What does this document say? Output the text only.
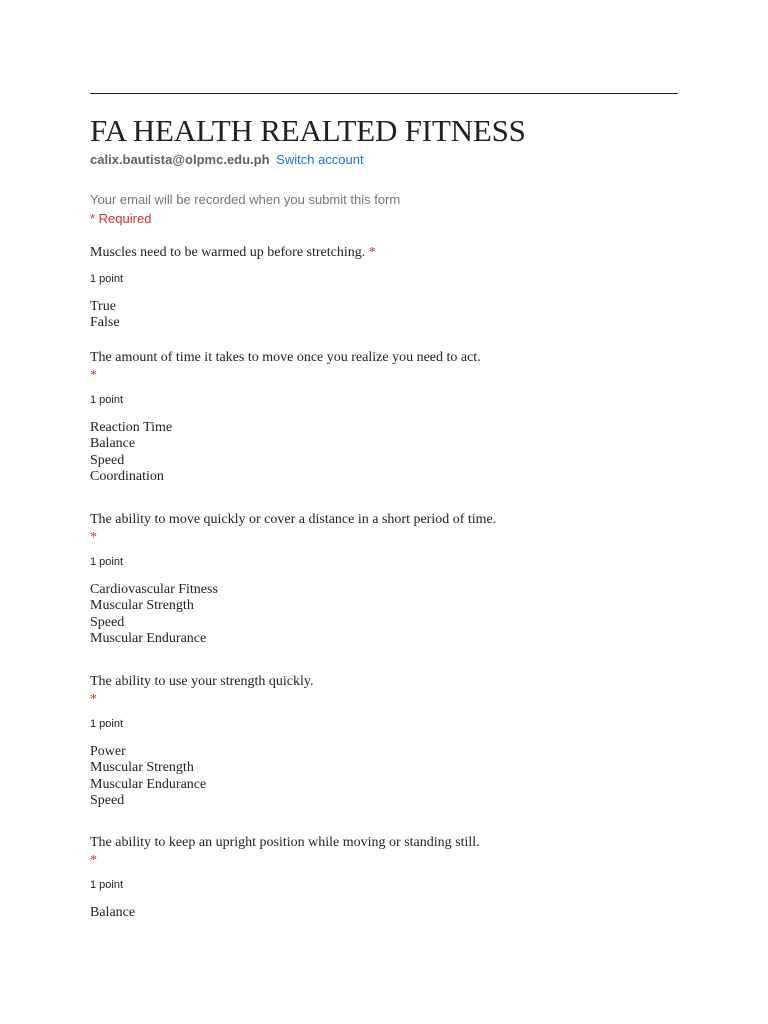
FA HEALTH REALTED FITNESS
calix.bautista@olpmc.edu.ph Switch account
Your email will be recorded when you submit this form
* Required
Muscles need to be warmed up before stretching. *
1 point
True
False
The amount of time it takes to move once you realize you need to act.
*
1 point
Reaction Time
Balance
Speed
Coordination
The ability to move quickly or cover a distance in a short period of time.
*
1 point
Cardiovascular Fitness
Muscular Strength
Speed
Muscular Endurance
The ability to use your strength quickly.
*
1 point
Power
Muscular Strength
Muscular Endurance
Speed
The ability to keep an upright position while moving or standing still.
*
1 point
Balance
